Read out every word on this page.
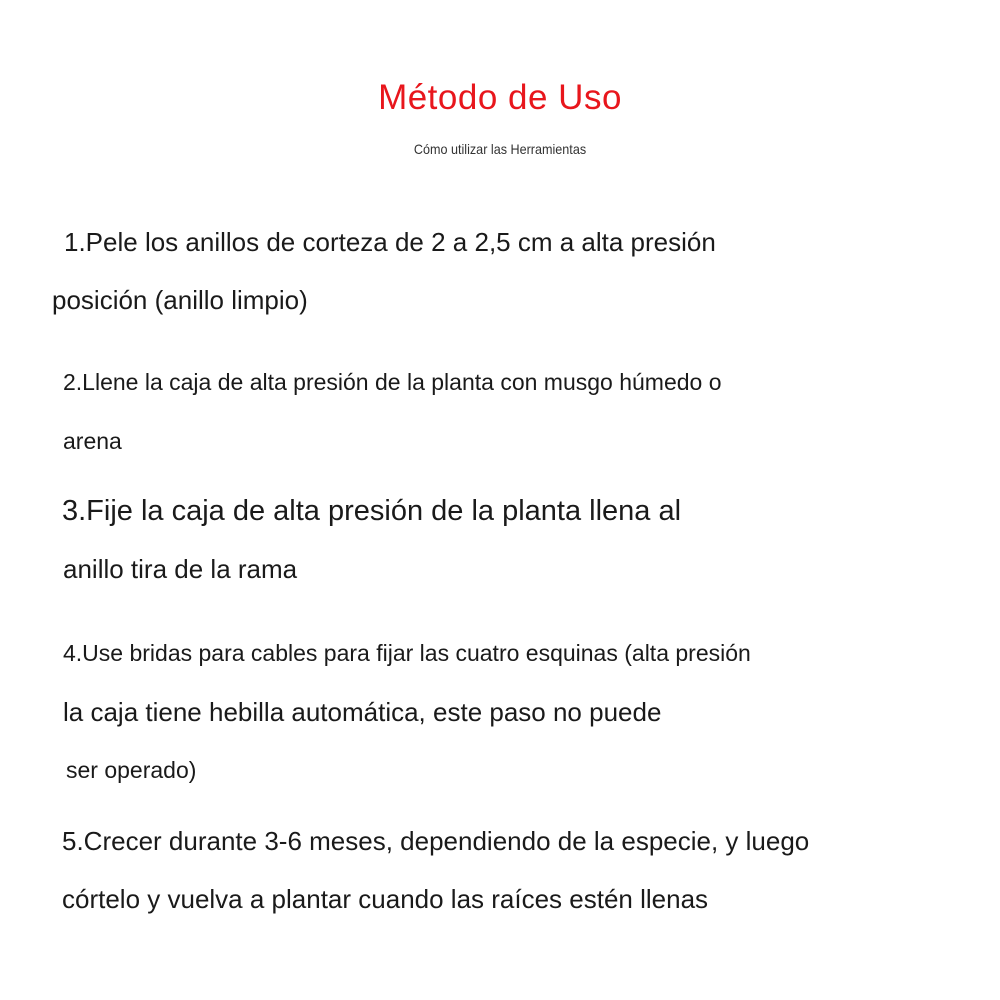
Método de Uso
Cómo utilizar las Herramientas
1.Pele los anillos de corteza de 2 a 2,5 cm a alta presión
posición (anillo limpio)
2.Llene la caja de alta presión de la planta con musgo húmedo o
arena
3.Fije la caja de alta presión de la planta llena al
anillo tira de la rama
4.Use bridas para cables para fijar las cuatro esquinas (alta presión
la caja tiene hebilla automática, este paso no puede
ser operado)
5.Crecer durante 3-6 meses, dependiendo de la especie, y luego
córtelo y vuelva a plantar cuando las raíces estén llenas
